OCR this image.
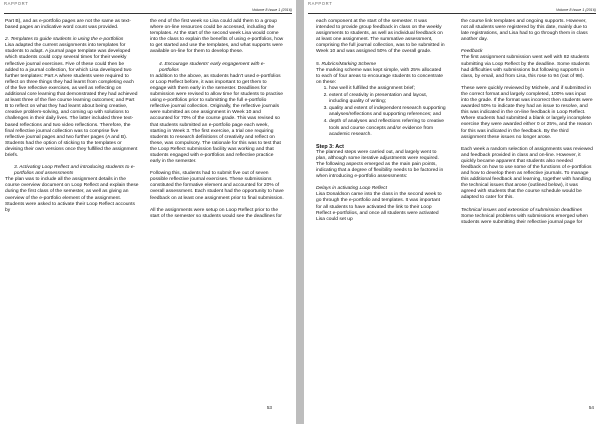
RAPPORT
Volume 8 Issue 1 (2016)

Part B), and as e-portfolio pages are not the same as text-based pages an indicative word count was provided.

2. Templates to guide students in using the e-portfolios

Lisa adapted the current assignments into templates for students to adapt. A journal page template was developed which students could copy several times for their weekly reflective journal exercises. Five of these could then be added to a journal collection, for which Lisa developed two further templates: Part A where students were required to reflect on three things they had learnt from completing each of the five reflective exercises, as well as reflecting on additional core learning that demonstrated they had achieved at least three of the five course learning outcomes; and Part B to reflect on what they had learnt about being creative, creative problem-solving, and coming up with solutions to challenges in their daily lives. The latter included three text-based reflections and two video reflections. Therefore, the final reflective journal collection was to comprise five reflective journal pages and two further pages (A and B). Students had the option of sticking to the templates or devising their own versions once they fulfilled the assignment briefs.

3. Activating Loop Reflect and introducing students to e-portfolios and assessments

The plan was to include all the assignment details in the course overview document on Loop Reflect and explain these during the first class of the semester, as well as giving an overview of the e-portfolio element of the assignment. Students were asked to activate their Loop Reflect accounts by

the end of the first week so Lisa could add them to a group where on-line resources could be accessed, including the templates. At the start of the second week Lisa would come into the class to explain the benefits of using e-portfolios, how to get started and use the templates, and what supports were available on-line for them to develop these.

4. Encourage students' early engagement with e-portfolios

In addition to the above, as students hadn't used e-portfolios or Loop Reflect before, it was important to get them to engage with them early in the semester. Deadlines for submission were revised to allow time for students to practise using e-portfolios prior to submitting the full e-portfolio reflective journal collection. Originally, the reflective journals were submitted as one assignment in Week 10 and accounted for 70% of the course grade. This was revised so that students submitted an e-portfolio page each week, starting in Week 3. The first exercise, a trial one requiring students to research definitions of creativity and reflect on these, was compulsory. The rationale for this was to test that the Loop Reflect submission facility was working and that students engaged with e-portfolios and reflective practice early in the semester.

Following this, students had to submit five out of seven possible reflective journal exercises. These submissions constituted the formative element and accounted for 20% of overall assessment. Each student had the opportunity to have feedback on at least one assignment prior to final submission.

All the assignments were setup on Loop Reflect prior to the start of the semester so students would see the deadlines for

53
RAPPORT
Volume 8 Issue 1 (2016)

each component at the start of the semester. It was intended to provide group feedback in class on the weekly assignments to students, as well as individual feedback on at least one assignment. The summative assessment, comprising the full journal collection, was to be submitted in Week 10 and was assigned 50% of the overall grade.

5. Rubrics/Marking Scheme

The marking scheme was kept simple, with 25% allocated to each of four areas to encourage students to concentrate on these:

1. how well it fulfilled the assignment brief;
2. extent of creativity in presentation and layout, including quality of writing;
3. quality and extent of independent research supporting analyses/reflections and supporting references; and
4. depth of analyses and reflections referring to creative tools and course concepts and/or evidence from academic research.

Step 3: Act

The planned steps were carried out, and largely went to plan, although some iterative adjustments were required. The following aspects emerged as the main pain points, indicating that a degree of flexibility needs to be factored in when introducing e-portfolio assessments:

Delays in activating Loop Reflect

Lisa Donaldson came into the class in the second week to go through the e-portfolio and templates. It was important for all students to have activated the link to their Loop Reflect e-portfolios, and once all students were activated Lisa could set up

the course link templates and ongoing supports. However, not all students were registered by this date, mainly due to late registrations, and Lisa had to go through them in class another day.

Feedback

The first assignment submission went well with 82 students submitting via Loop Reflect by the deadline. Some students had difficulties with submissions but following supports in class, by email, and from Lisa, this rose to 94 (out of 98).

These were quickly reviewed by Michele, and if submitted in the correct format and largely completed, 100% was input into the grade. If the format was incorrect then students were awarded 50% to indicate they had an issue to resolve, and this was indicated in the on-line feedback in Loop Reflect. Where students had submitted a blank or largely incomplete exercise they were awarded either 0 or 25%, and the reason for this was indicated in the feedback. By the third assignment these issues no longer arose.

Each week a random selection of assignments was reviewed and feedback provided in class and on-line. However, it quickly became apparent that students also needed feedback on how to use some of the functions of e-portfolios and how to develop them as reflective journals. To manage this additional feedback and learning, together with handling the technical issues that arose (outlined below), it was agreed with students that the course schedule would be adapted to cater for this.

Technical issues and extension of submission deadlines

Some technical problems with submissions emerged when students were submitting their reflective journal page for

54
